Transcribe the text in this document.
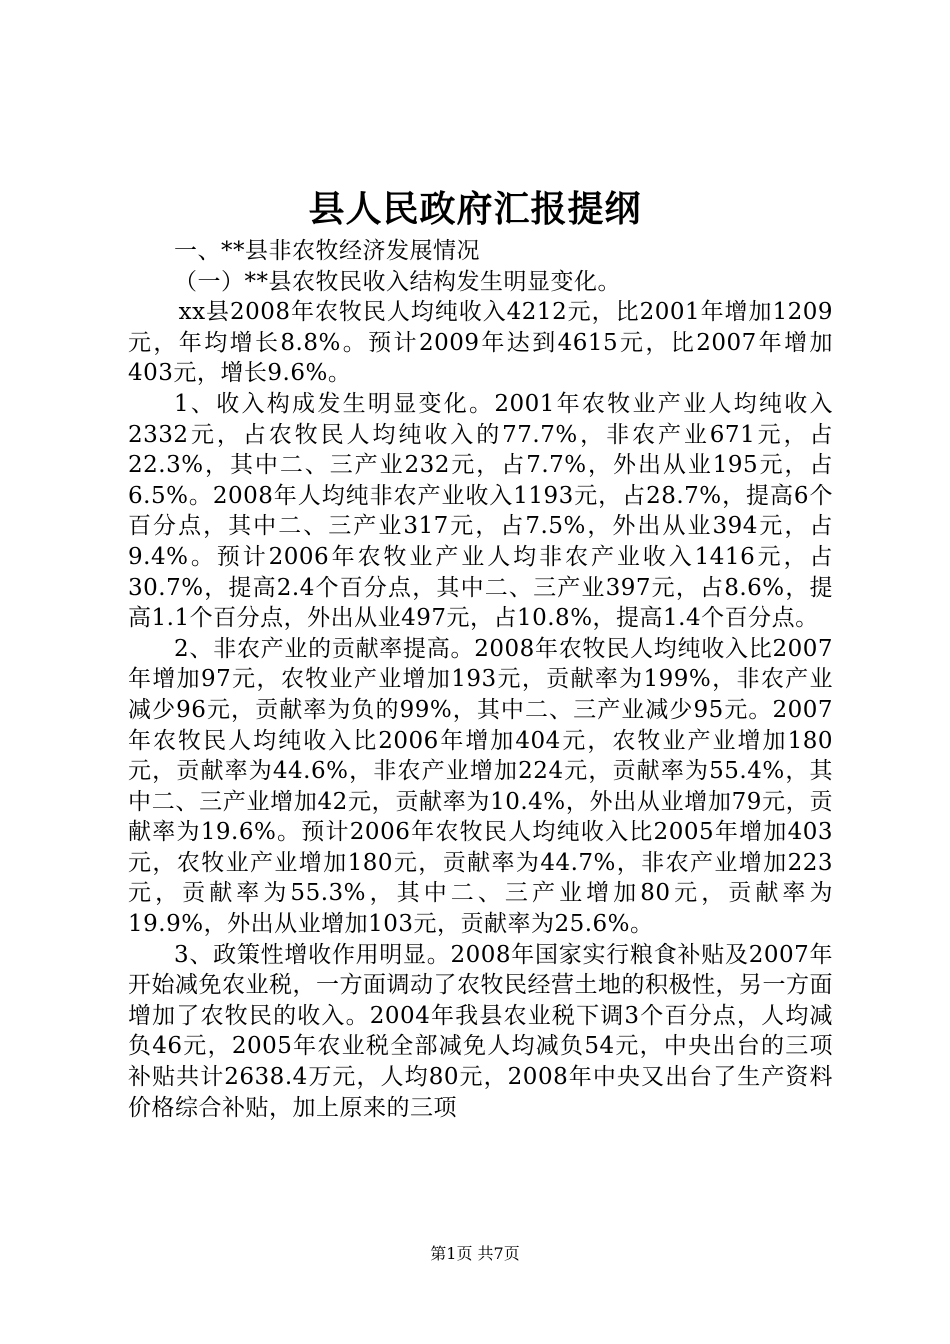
县人民政府汇报提纲

一、**县非农牧经济发展情况

（一）**县农牧民收入结构发生明显变化。

xx县2008年农牧民人均纯收入4212元，比2001年增加1209元，年均增长8.8%。预计2009年达到4615元，比2007年增加403元，增长9.6%。

1、收入构成发生明显变化。2001年农牧业产业人均纯收入2332元，占农牧民人均纯收入的77.7%，非农产业671元，占22.3%，其中二、三产业232元，占7.7%，外出从业195元，占6.5%。2008年人均纯非农产业收入1193元，占28.7%，提高6个百分点，其中二、三产业317元，占7.5%，外出从业394元，占9.4%。预计2006年农牧业产业人均非农产业收入1416元，占30.7%，提高2.4个百分点，其中二、三产业397元，占8.6%，提高1.1个百分点，外出从业497元，占10.8%，提高1.4个百分点。

2、非农产业的贡献率提高。2008年农牧民人均纯收入比2007年增加97元，农牧业产业增加193元，贡献率为199%，非农产业减少96元，贡献率为负的99%，其中二、三产业减少95元。2007年农牧民人均纯收入比2006年增加404元，农牧业产业增加180元，贡献率为44.6%，非农产业增加224元，贡献率为55.4%，其中二、三产业增加42元，贡献率为10.4%，外出从业增加79元，贡献率为19.6%。预计2006年农牧民人均纯收入比2005年增加403元，农牧业产业增加180元，贡献率为44.7%，非农产业增加223元，贡献率为55.3%，其中二、三产业增加80元，贡献率为19.9%，外出从业增加103元，贡献率为25.6%。

3、政策性增收作用明显。2008年国家实行粮食补贴及2007年开始减免农业税，一方面调动了农牧民经营土地的积极性，另一方面增加了农牧民的收入。2004年我县农业税下调3个百分点，人均减负46元，2005年农业税全部减免人均减负54元，中央出台的三项补贴共计2638.4万元，人均80元，2008年中央又出台了生产资料价格综合补贴，加上原来的三项

第1页 共7页
